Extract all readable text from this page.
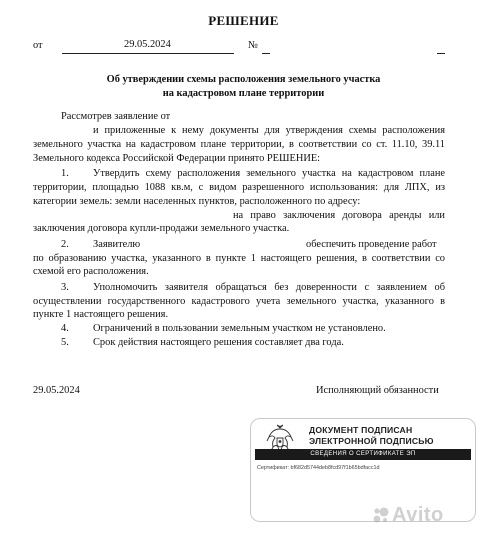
РЕШЕНИЕ
от	29.05.2024	№
Об утверждении схемы расположения земельного участка
на кадастровом плане территории
Рассмотрев заявление от
и приложенные к нему документы для утверждения схемы расположения
земельного участка на кадастровом плане территории, в соответствии со ст. 11.10, 39.11
Земельного кодекса Российской Федерации принято РЕШЕНИЕ:
1. Утвердить схему расположения земельного участка на кадастровом плане
территории, площадью 1088 кв.м, с видом разрешенного использования: для ЛПХ, из
категории земель: земли населенных пунктов, расположенного по адресу:
на право заключения договора аренды или
заключения договора купли-продажи земельного участка.
2. Заявителю	обеспечить проведение работ
по образованию участка, указанного в пункте 1 настоящего решения, в соответствии со
схемой его расположения.
3. Уполномочить заявителя обращаться без доверенности с заявлением об
осуществлении государственного кадастрового учета земельного участка, указанного в
пункте 1 настоящего решения.
4. Ограничений в пользовании земельным участком не установлено.
5. Срок действия настоящего решения составляет два года.
29.05.2024	Исполняющий обязанности
ДОКУМЕНТ ПОДПИСАН
ЭЛЕКТРОННОЙ ПОДПИСЬЮ
СВЕДЕНИЯ О СЕРТИФИКАТЕ ЭП
Сертификат: bf682d5744deb8fcd97f1b65bdfacc1d
Avito
